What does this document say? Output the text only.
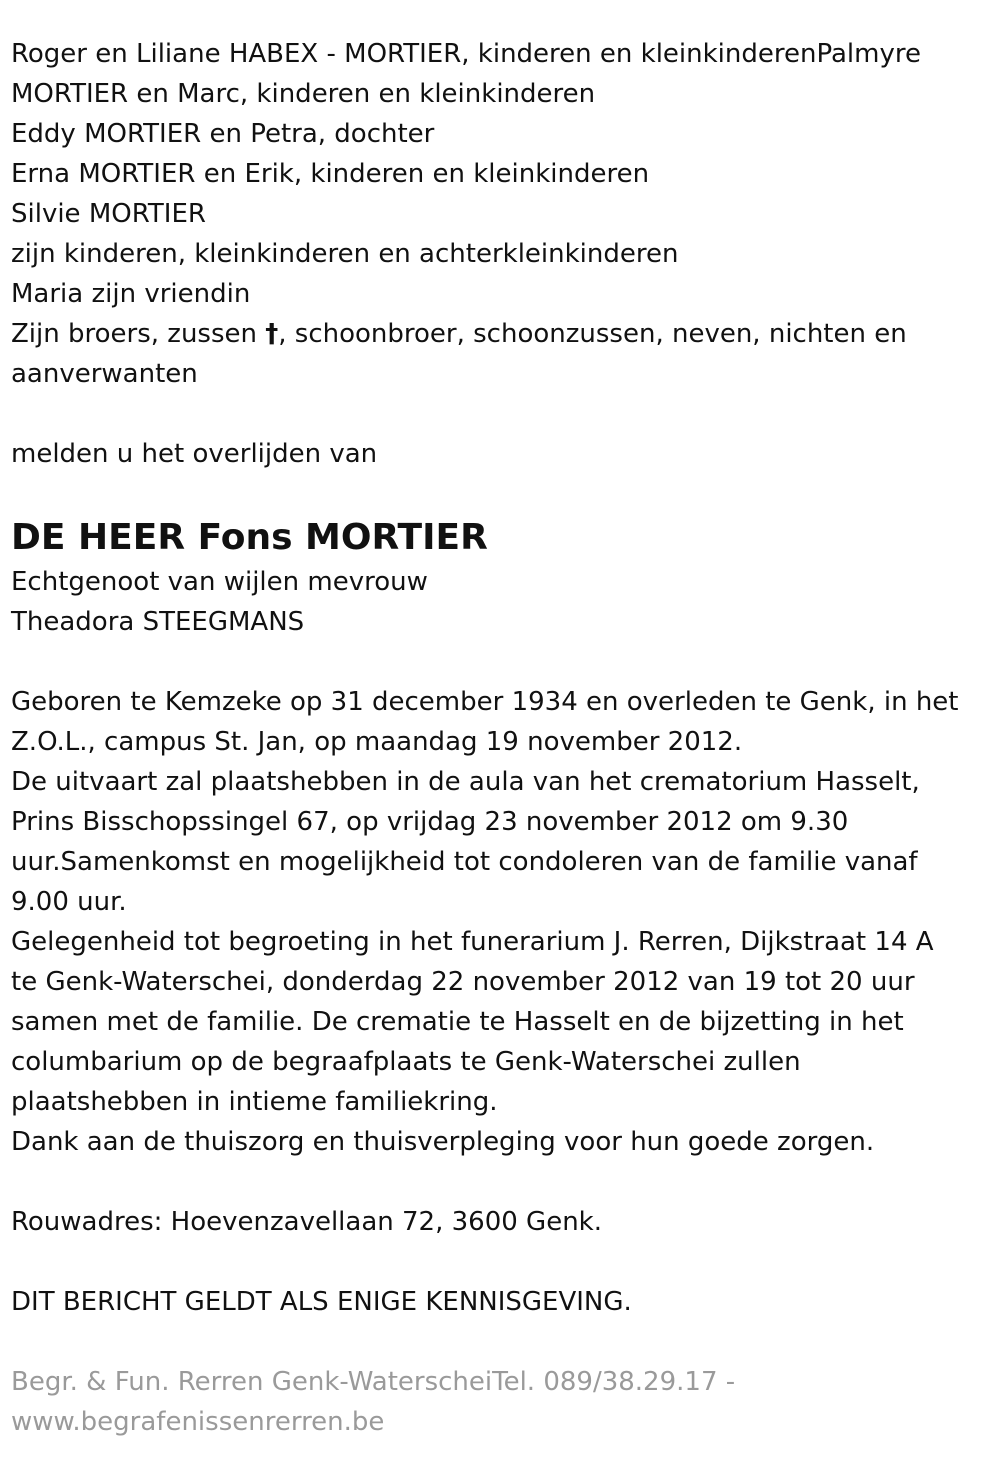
Roger en Liliane HABEX - MORTIER, kinderen en kleinkinderenPalmyre

MORTIER en Marc, kinderen en kleinkinderen

Eddy MORTIER en Petra, dochter

Erna MORTIER en Erik, kinderen en kleinkinderen

Silvie MORTIER

zijn kinderen, kleinkinderen en achterkleinkinderen

Maria zijn vriendin

Zijn broers, zussen †, schoonbroer, schoonzussen, neven, nichten en

aanverwanten

melden u het overlijden van

DE HEER Fons MORTIER

Echtgenoot van wijlen mevrouw

Theadora STEEGMANS

Geboren te Kemzeke op 31 december 1934 en overleden te Genk, in het

Z.O.L., campus St. Jan, op maandag 19 november 2012.

De uitvaart zal plaatshebben in de aula van het crematorium Hasselt,

Prins Bisschopssingel 67, op vrijdag 23 november 2012 om 9.30

uur.Samenkomst en mogelijkheid tot condoleren van de familie vanaf

9.00 uur.

Gelegenheid tot begroeting in het funerarium J. Rerren, Dijkstraat 14 A

te Genk-Waterschei, donderdag 22 november 2012 van 19 tot 20 uur

samen met de familie. De crematie te Hasselt en de bijzetting in het

columbarium op de begraafplaats te Genk-Waterschei zullen

plaatshebben in intieme familiekring.

Dank aan de thuiszorg en thuisverpleging voor hun goede zorgen.

Rouwadres: Hoevenzavellaan 72, 3600 Genk.

DIT BERICHT GELDT ALS ENIGE KENNISGEVING.

Begr. & Fun. Rerren Genk-WaterscheiTel. 089/38.29.17 -

www.begrafenissenrerren.be
